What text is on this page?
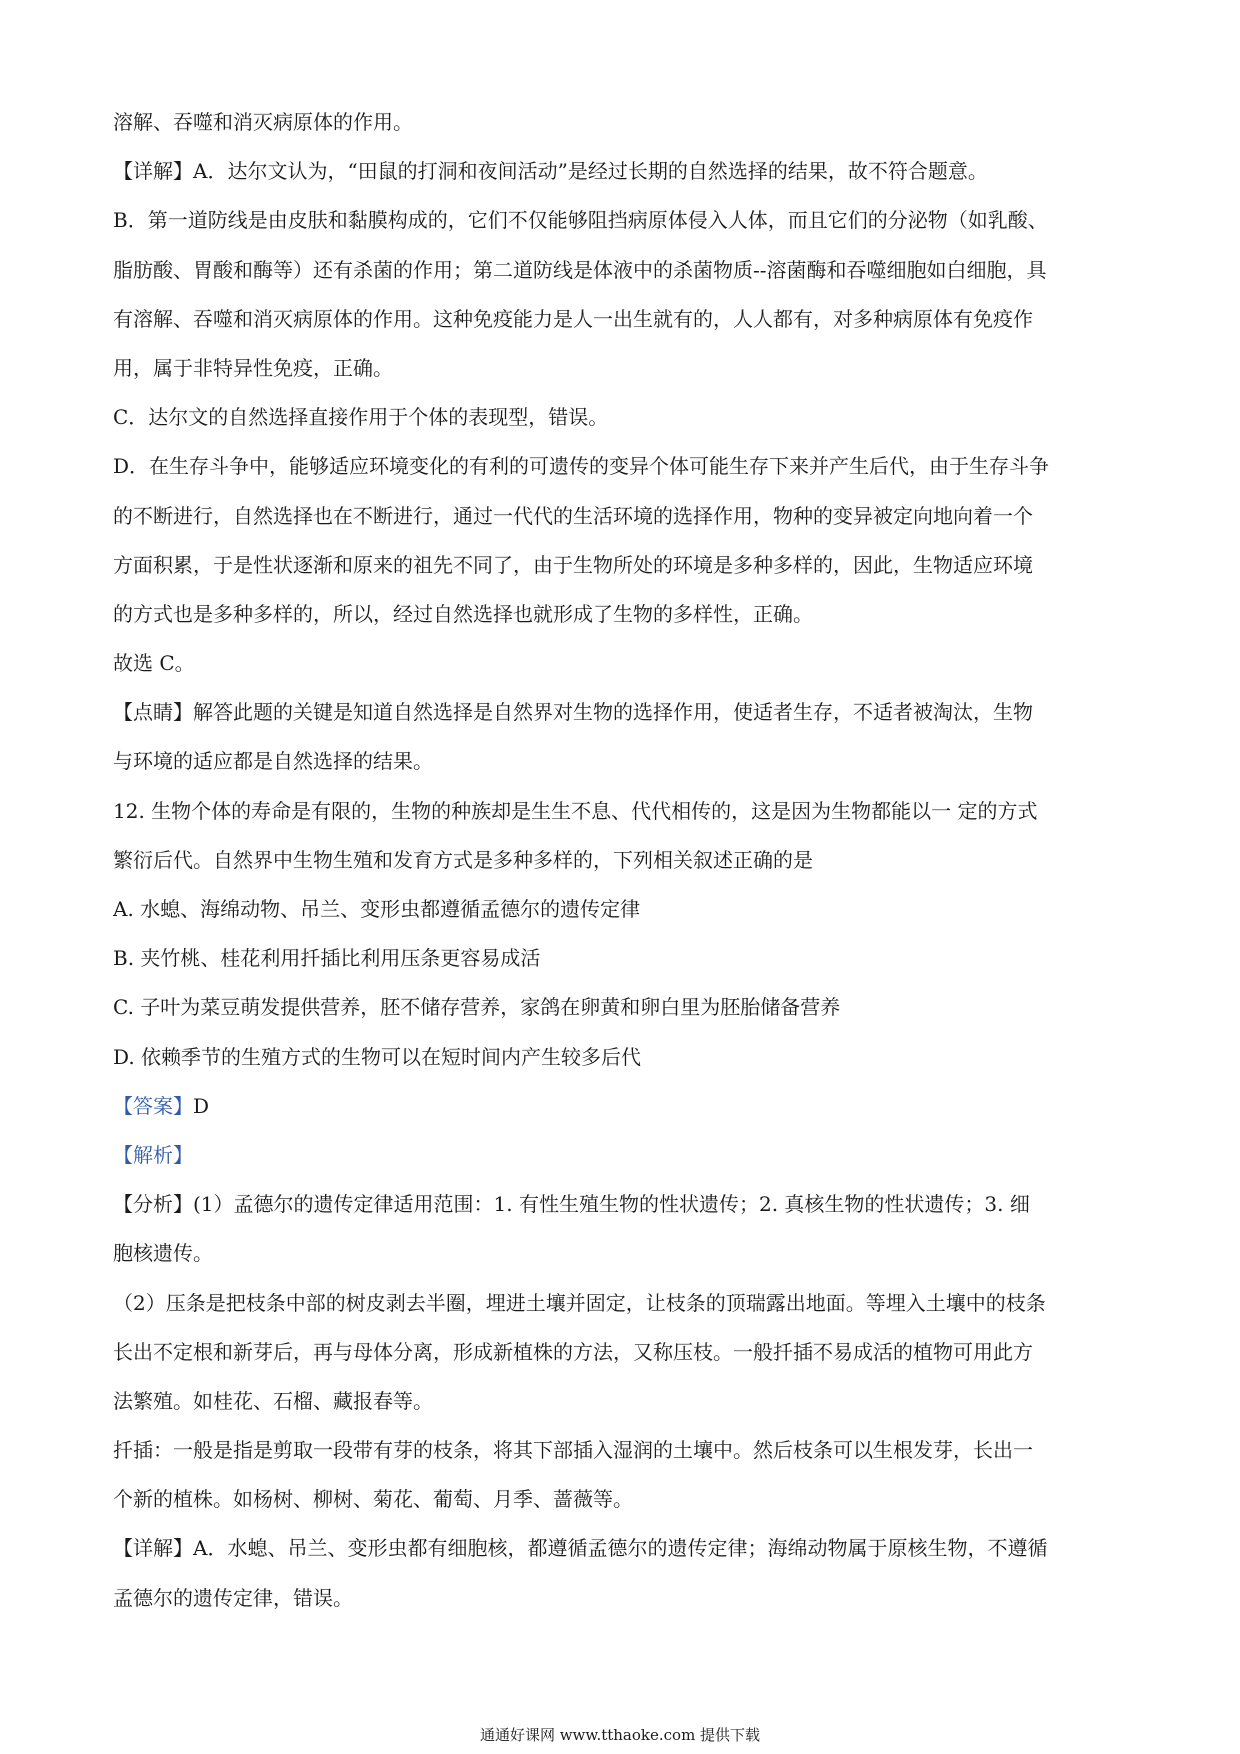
溶解、吞噬和消灭病原体的作用。
【详解】A．达尔文认为，“田鼠的打洞和夜间活动”是经过长期的自然选择的结果，故不符合题意。
B．第一道防线是由皮肤和黏膜构成的，它们不仅能够阻挡病原体侵入人体，而且它们的分泌物（如乳酸、
脂肪酸、胃酸和酶等）还有杀菌的作用；第二道防线是体液中的杀菌物质--溶菌酶和吞噬细胞如白细胞，具
有溶解、吞噬和消灭病原体的作用。这种免疫能力是人一出生就有的，人人都有，对多种病原体有免疫作
用，属于非特异性免疫，正确。
C．达尔文的自然选择直接作用于个体的表现型，错误。
D．在生存斗争中，能够适应环境变化的有利的可遗传的变异个体可能生存下来并产生后代，由于生存斗争
的不断进行，自然选择也在不断进行，通过一代代的生活环境的选择作用，物种的变异被定向地向着一个
方面积累，于是性状逐渐和原来的祖先不同了，由于生物所处的环境是多种多样的，因此，生物适应环境
的方式也是多种多样的，所以，经过自然选择也就形成了生物的多样性，正确。
故选 C。
【点睛】解答此题的关键是知道自然选择是自然界对生物的选择作用，使适者生存，不适者被淘汰，生物
与环境的适应都是自然选择的结果。
12. 生物个体的寿命是有限的，生物的种族却是生生不息、代代相传的，这是因为生物都能以一 定的方式
繁衍后代。自然界中生物生殖和发育方式是多种多样的，下列相关叙述正确的是
A. 水螅、海绵动物、吊兰、变形虫都遵循孟德尔的遗传定律
B. 夹竹桃、桂花利用扦插比利用压条更容易成活
C. 子叶为菜豆萌发提供营养，胚不储存营养，家鸽在卵黄和卵白里为胚胎储备营养
D. 依赖季节的生殖方式的生物可以在短时间内产生较多后代
【答案】D
【解析】
【分析】(1）孟德尔的遗传定律适用范围：1. 有性生殖生物的性状遗传；2. 真核生物的性状遗传；3. 细
胞核遗传。
（2）压条是把枝条中部的树皮剥去半圈，埋进土壤并固定，让枝条的顶瑞露出地面。等埋入土壤中的枝条
长出不定根和新芽后，再与母体分离，形成新植株的方法，又称压枝。一般扦插不易成活的植物可用此方
法繁殖。如桂花、石榴、藏报春等。
扦插：一般是指是剪取一段带有芽的枝条，将其下部插入湿润的土壤中。然后枝条可以生根发芽，长出一
个新的植株。如杨树、柳树、菊花、葡萄、月季、蔷薇等。
【详解】A．水螅、吊兰、变形虫都有细胞核，都遵循孟德尔的遗传定律；海绵动物属于原核生物，不遵循
孟德尔的遗传定律，错误。
通通好课网 www.tthaoke.com 提供下载
